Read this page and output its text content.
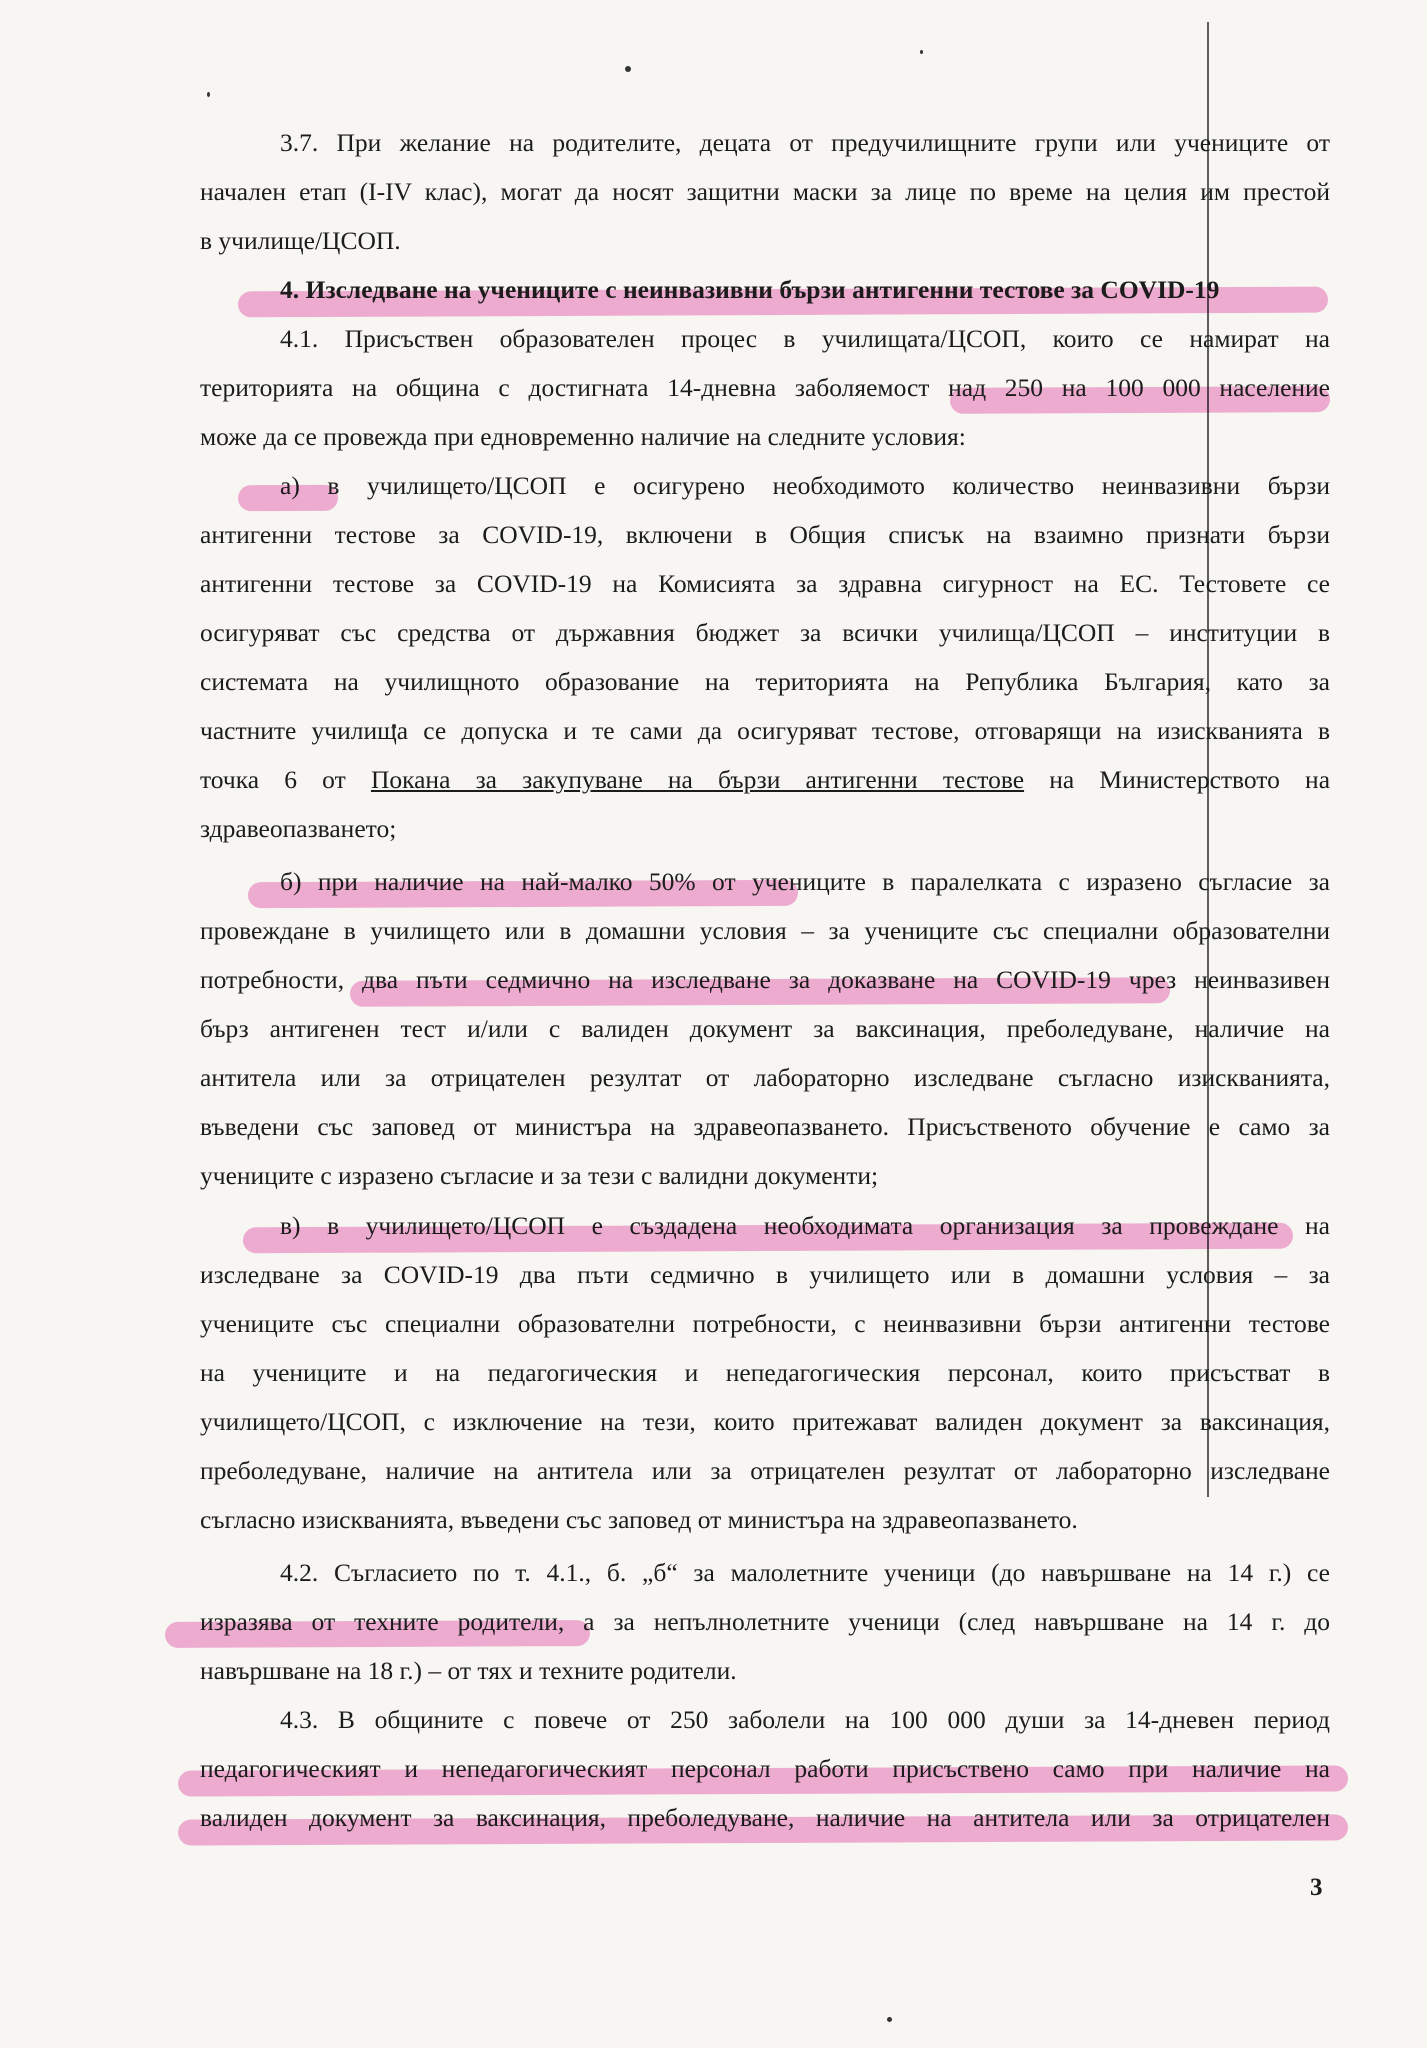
3.7. При желание на родителите, децата от предучилищните групи или учениците от
начален етап (I-IV клас), могат да носят защитни маски за лице по време на целия им престой
в училище/ЦСОП.
4. Изследване на учениците с неинвазивни бързи антигенни тестове за COVID-19
4.1. Присъствен образователен процес в училищата/ЦСОП, които се намират на
територията на община с достигната 14-дневна заболяемост над 250 на 100 000 население
може да се провежда при едновременно наличие на следните условия:
а) в училището/ЦСОП е осигурено необходимото количество неинвазивни бързи
антигенни тестове за COVID-19, включени в Общия списък на взаимно признати бързи
антигенни тестове за COVID-19 на Комисията за здравна сигурност на ЕС. Тестовете се
осигуряват със средства от държавния бюджет за всички училища/ЦСОП – институции в
системата на училищното образование на територията на Република България, като за
частните училища се допуска и те сами да осигуряват тестове, отговарящи на изискванията в
точка 6 от Покана за закупуване на бързи антигенни тестове на Министерството на
здравеопазването;
б) при наличие на най-малко 50% от учениците в паралелката с изразено съгласие за
провеждане в училището или в домашни условия – за учениците със специални образователни
потребности, два пъти седмично на изследване за доказване на COVID-19 чрез неинвазивен
бърз антигенен тест и/или с валиден документ за ваксинация, преболедуване, наличие на
антитела или за отрицателен резултат от лабораторно изследване съгласно изискванията,
въведени със заповед от министъра на здравеопазването. Присъственото обучение е само за
учениците с изразено съгласие и за тези с валидни документи;
в) в училището/ЦСОП е създадена необходимата организация за провеждане на
изследване за COVID-19 два пъти седмично в училището или в домашни условия – за
учениците със специални образователни потребности, с неинвазивни бързи антигенни тестове
на учениците и на педагогическия и непедагогическия персонал, които присъстват в
училището/ЦСОП, с изключение на тези, които притежават валиден документ за ваксинация,
преболедуване, наличие на антитела или за отрицателен резултат от лабораторно изследване
съгласно изискванията, въведени със заповед от министъра на здравеопазването.
4.2. Съгласието по т. 4.1., б. „б“ за малолетните ученици (до навършване на 14 г.) се
изразява от техните родители, а за непълнолетните ученици (след навършване на 14 г. до
навършване на 18 г.) – от тях и техните родители.
4.3. В общините с повече от 250 заболели на 100 000 души за 14-дневен период
педагогическият и непедагогическият персонал работи присъствено само при наличие на
валиден документ за ваксинация, преболедуване, наличие на антитела или за отрицателен
3
